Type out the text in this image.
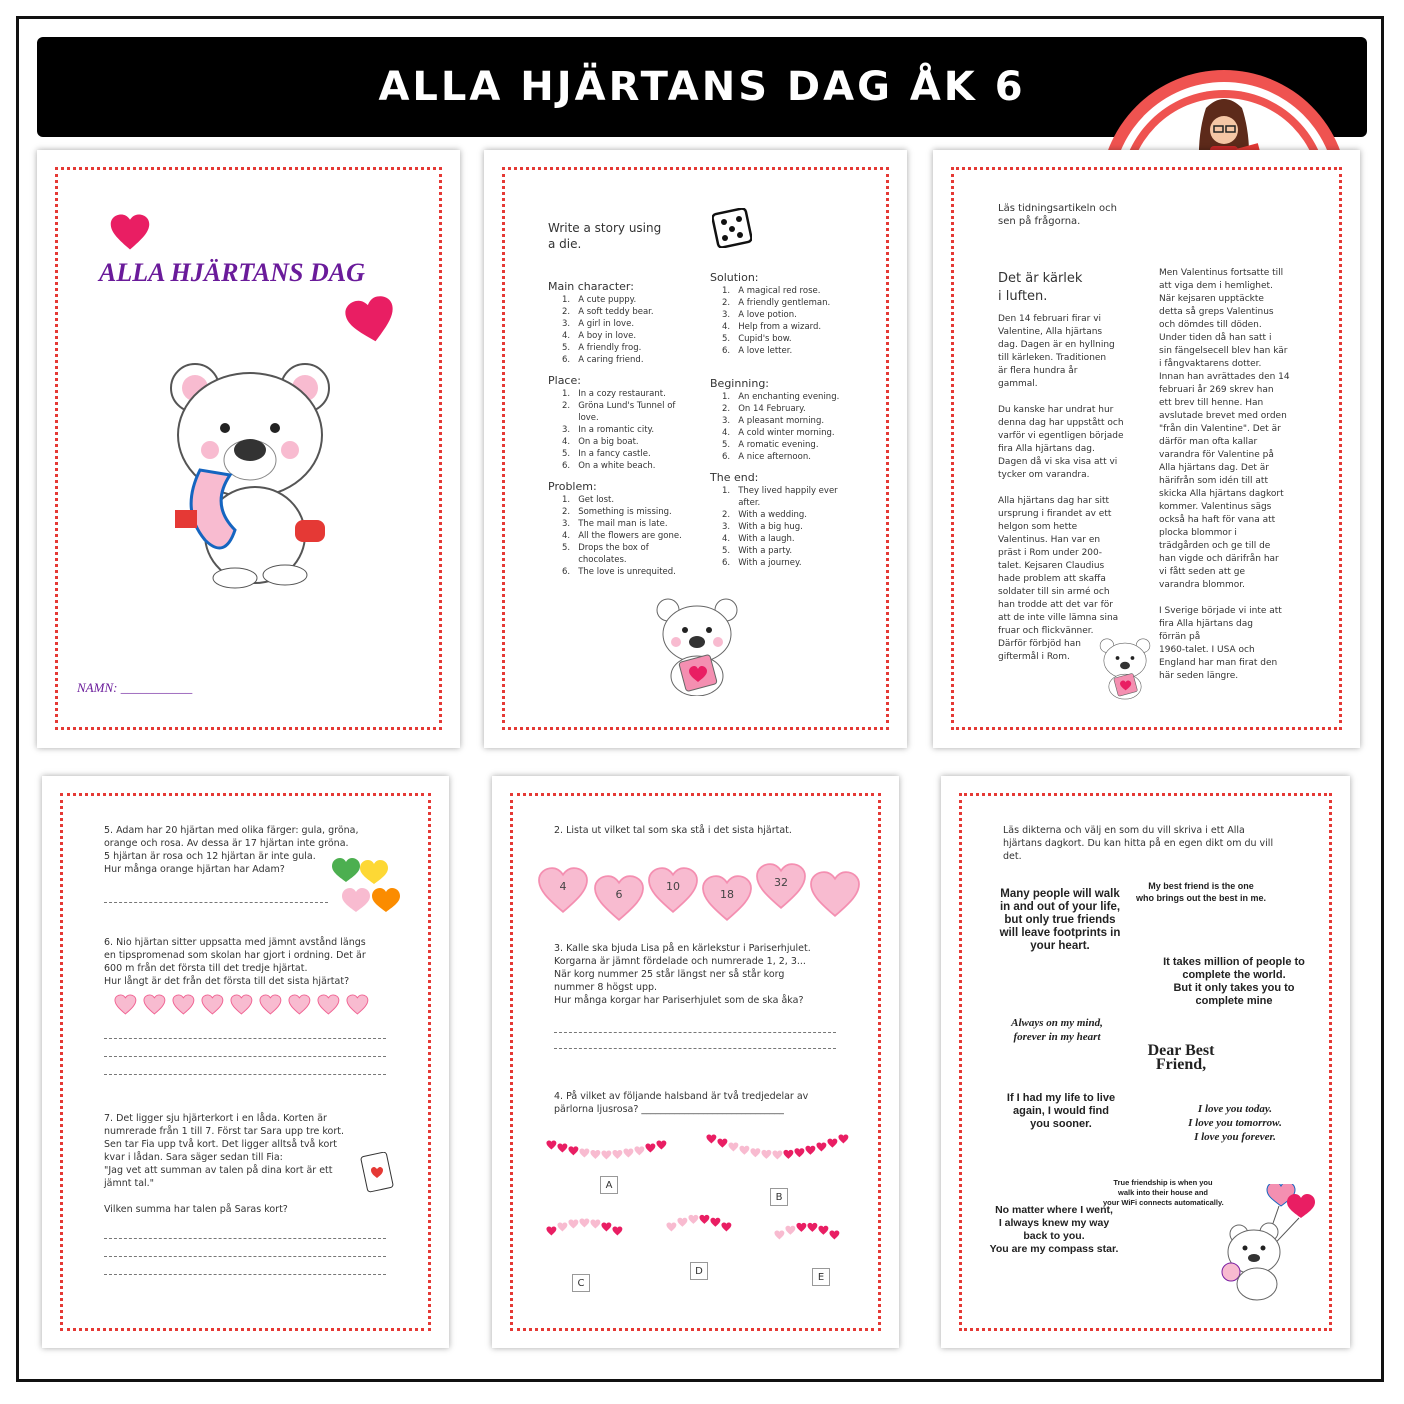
ALLA HJÄRTANS DAG ÅK 6
ALLA HJÄRTANS DAG
NAMN: ___________
Write a story using
a die.
Main character:
1.   A cute puppy.
2.   A soft teddy bear.
3.   A girl in love.
4.   A boy in love.
5.   A friendly frog.
6.   A caring friend.
Place:
1.   In a cozy restaurant.
2.   Gröna Lund's Tunnel of
love.
3.   In a romantic city.
4.   On a big boat.
5.   In a fancy castle.
6.   On a white beach.
Problem:
1.   Get lost.
2.   Something is missing.
3.   The mail man is late.
4.   All the flowers are gone.
5.   Drops the box of
chocolates.
6.   The love is unrequited.
Solution:
1.   A magical red rose.
2.   A friendly gentleman.
3.   A love potion.
4.   Help from a wizard.
5.   Cupid's bow.
6.   A love letter.
Beginning:
1.   An enchanting evening.
2.   On 14 February.
3.   A pleasant morning.
4.   A cold winter morning.
5.   A romatic evening.
6.   A nice afternoon.
The end:
1.   They lived happily ever
after.
2.   With a wedding.
3.   With a big hug.
4.   With a laugh.
5.   With a party.
6.   With a journey.
Läs tidningsartikeln och
sen på frågorna.
Det är kärlek
i luften.
Den 14 februari firar vi
Valentine, Alla hjärtans
dag. Dagen är en hyllning
till kärleken. Traditionen
är flera hundra år
gammal.

Du kanske har undrat hur
denna dag har uppstått och
varför vi egentligen började
fira Alla hjärtans dag.
Dagen då vi ska visa att vi
tycker om varandra.

Alla hjärtans dag har sitt
ursprung i firandet av ett
helgon som hette
Valentinus. Han var en
präst i Rom under 200-
talet. Kejsaren Claudius
hade problem att skaffa
soldater till sin armé och
han trodde att det var för
att de inte ville lämna sina
fruar och flickvänner.
Därför förbjöd han
giftermål i Rom.
Men Valentinus fortsatte till
att viga dem i hemlighet.
När kejsaren upptäckte
detta så greps Valentinus
och dömdes till döden.
Under tiden då han satt i
sin fängelsecell blev han kär
i fångvaktarens dotter.
Innan han avrättades den 14
februari år 269 skrev han
ett brev till henne. Han
avslutade brevet med orden
"från din Valentine". Det är
därför man ofta kallar
varandra för Valentine på
Alla hjärtans dag. Det är
härifrån som idén till att
skicka Alla hjärtans dagkort
kommer. Valentinus sägs
också ha haft för vana att
plocka blommor i
trädgården och ge till de
han vigde och därifrån har
vi fått seden att ge
varandra blommor.

I Sverige började vi inte att
fira Alla hjärtans dag
förrän på
1960-talet. I USA och
England har man firat den
här seden längre.
5. Adam har 20 hjärtan med olika färger: gula, gröna,
orange och rosa. Av dessa är 17 hjärtan inte gröna.
5 hjärtan är rosa och 12 hjärtan är inte gula.
Hur många orange hjärtan har Adam?
6. Nio hjärtan sitter uppsatta med jämnt avstånd längs
en tipspromenad som skolan har gjort i ordning. Det är
600 m från det första till det tredje hjärtat.
Hur långt är det från det första till det sista hjärtat?
7. Det ligger sju hjärterkort i en låda. Korten är
numrerade från 1 till 7. Först tar Sara upp tre kort.
Sen tar Fia upp två kort. Det ligger alltså två kort
kvar i lådan. Sara säger sedan till Fia:
"Jag vet att summan av talen på dina kort är ett
jämnt tal."

Vilken summa har talen på Saras kort?
2. Lista ut vilket tal som ska stå i det sista hjärtat.
4
6
10
18
32
3. Kalle ska bjuda Lisa på en kärlekstur i Pariserhjulet.
Korgarna är jämnt fördelade och numrerade 1, 2, 3...
När korg nummer 25 står längst ner så står korg
nummer 8 högst upp.
Hur många korgar har Pariserhjulet som de ska åka?
4. På vilket av följande halsband är två tredjedelar av
pärlorna ljusrosa? ______________________________
A
B
C
D
E
Läs dikterna och välj en som du vill skriva i ett Alla
hjärtans dagkort. Du kan hitta på en egen dikt om du vill
det.
Many people will walk in and out of your life, but only true friends will leave footprints in your heart.
My best friend is the one
who brings out the best in me.
It takes million of people to
complete the world.
But it only takes you to
complete mine
Always on my mind,
forever in my heart
Dear Best Friend,
If I had my life to live
again, I would find
you sooner.
I love you today.
I love you tomorrow.
I love you forever.
True friendship is when you
walk into their house and
your WiFi connects automatically.
No matter where I went,
I always knew my way
back to you.
You are my compass star.
